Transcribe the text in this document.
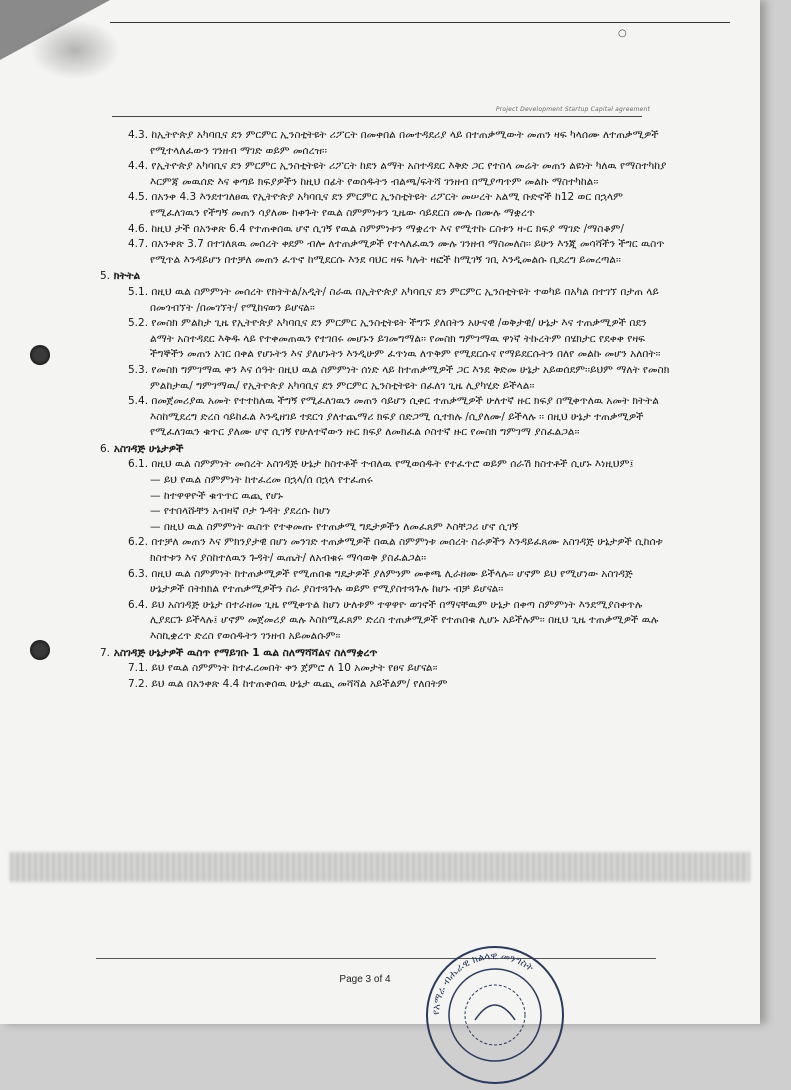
○
Project Development Startup Capital agreement

4.3. ከኢትዮጵያ አካባቢና ደን ምርምር ኢንስቲትዩት ሪፖርት በመቀበል በመተዳደሪያ ላይ በተጠቃሚውት መጠን ዛፍ ካላሰሙ ለተጠቃሚዎች የሚተላለፈውን ገንዘብ ማገድ ወይም መሰረዝ፡፡

4.4. የኢትዮጵያ አካባቢና ደን ምርምር ኢንስቲትዩት ሪፖርት ከደን ልማት አስተዳደር እቅድ ጋር የተስላ መሬት መጠን ልዩነት ካለዉ የማስተካከያ እርምጃ መዉሰድ እና ቀጣይ ክፍያዎችን ከዚህ በፊት የወሰዱትን ብልጫ/ፍትሻ ገንዘብ በሚያጣጥም መልኩ ማስተካከል፡፡

4.5. በአንቀ 4.3 እንደተገለፀዉ የኢትዮጵያ አካባቢና ደን ምርምር ኢንስቲትዩት ሪፖርት መሠረት አልሚ ቡድኖች ከ12 ወር በኋላም የሚፈለገዉን የችግኝ መጠን ሳያለሙ ከቀጉት የዉል ስምምነቱን ጊዜው ሳይደርስ ሙሉ በሙሉ ማቋረጥ

4.6. ከዚህ ታች በአንቀጽ 6.4 የተጠቀሰዉ ሆኖ ሲገኝ የዉል ስምምነቱን ማቋረጥ እና የሚተኩ ርስቱን ዛ-ር ክፍያ ማገድ /ማስቆም/

4.7. በአንቀጽ 3.7 በተገለጸዉ መሰረት ቀደም ብሎ ለተጠቃሚዎች የተላለፈዉን ሙሉ ገንዘብ ማስመለስ፡፡ ይሁን እንጂ መሳሻችን ችግር ዉስጥ የሚጥል እንዳይሆን በተቻለ መጠን ፈጥኖ ከሚደርሱ እንደ ባህር ዛፍ ካሉት ዛፎች ከሚገኝ ገቢ እንዲመልሱ ቢደረግ ይመረጣል፡፡

5. ክትትል

5.1. በዚህ ዉል ስምምነት መሰረት የክትትል/አዲት/ ስራዉ በኢትዮጵያ አካባቢና ደን ምርምር ኢንስቲትዩት ተወካይ በአካል በተገኘ በታጠ ላይ በመጎብኘት /በመገኘት/ የሚከናወን ይሆናል፡፡

5.2. የመስክ ምልከታ ጊዜ የኢትዮጵያ አካባቢና ደን ምርምር ኢንስቲትዩት ችግኙ ያለበትን አሁናዊ /ወቅታዊ/ ሁኔታ እና ተጠቃሚዎች በደን ልማት አስተዳደር እቅዱ ላይ የተቀመጠዉን የተገበሩ መሆኑን ይገመግማል፡፡ የመስክ ግምገማዉ ዋነኛ ትኩረትም በሄክታር የደቀቀ የዛፍ ችግኞችን መጠን አገር በቀል የሆኑትን እና ያለሆኑትን እንዲሁም ፈጥነዉ ለጥቅም የሚደርሱና የማይደርሱትን በለየ መልኩ መሆን አለበት፡፡

5.3. የመስክ ግምገማዉ ቀን እና ሰዓት በዚህ ዉል ስምምነት ሰነድ ላይ ከተጠቃሚዎች ጋር እንደ ቅድመ ሁኔታ አይወሰደም፡፡ይህም ማለት የመስክ ምልከታዉ/ ግምገማዉ/ የኢትዮጵያ አካባቢና ደን ምርምር ኢንስቲትዩት በፈለገ ጊዜ ሊያካሂድ ይችላል፡፡

5.4. በመጀመሪያዉ አመት የተተከለዉ ችግኝ የሚፈለገዉን መጠን ሳይሆን ሲቀር ተጠቃሚዎች ሁለተኛ ዙር ክፍያ በሚቀጥለዉ አመት ክትትል እስከሚደረግ ድረስ ሳይከፈል እንዲዘገይ ተደርጎ ያለተጨማሪ ክፍያ በድጋሚ ሲተክሉ /ሲያለሙ/ ይችላሉ ፡፡ በዚህ ሁኔታ ተጠቃሚዎች የሚፈለገዉን ቁጥር ያለሙ ሆኖ ሲገኝ የሁለተኛውን ዙር ክፍያ ለመክፈል ሶስተኛ ዙር የመስክ ግምገማ ያስፈልጋል፡፡

6. አስገዳጅ ሁኔታዎች

6.1. በዚህ ዉል ስምምነት መሰረት አስገዳጅ ሁኔታ ከስተቶች ተብለዉ የሚወሰዱት የተፈጥሮ ወይም ሰራሽ ክስተቶች ሲሆኑ እነዚህም፤

— ይህ የዉል ስምምነት ከተፈረመ በኋላ/ሰ በኋላ የተፈጠሩ

— ከተዋዋዮች ቁጥጥር ዉጪ የሆኑ

— የተበላሹቸን አብዛኛ ቦታ ጉዳት ያደረሱ ከሆነ

— በዚህ ዉል ስምምነት ዉስጥ የተቀመጡ የተጠቃሚ ግዴታዎችን ለመፈጸም እስቸጋሪ ሆኖ ሲገኝ

6.2. በተቻለ መጠን እና ምክንያታዊ በሆነ መንገድ ተጠቃሚዎች በዉል ስምምነቱ መሰረት ስራዎችን እንዳይፈጸሙ አስገዳጅ ሁኔታዎች ሲከሰቱ ክስተቱን እና ያስከተለዉን ጉዳት/ ዉጤት/ ለአብቁሩ ማሳወቅ ያስፈልጋል፡፡

6.3. በዚህ ዉል ስምምነት ከተጠቃሚዎች የሚጠበቁ ግዴታዎች ያለምንም መቀጫ ሊራዘሙ ይችላሉ፡፡ ሆኖም ይህ የሚሆነው አስገዳጅ ሁኔታዎች በትክክል የተጠቃሚዎችን ስራ ያስተጓጉሉ ወይም የሚያስተጓጉሉ ከሆኑ ብቻ ይሆናል፡፡

6.4. ይህ አስገዳጅ ሁኔታ በተራዘመ ጊዜ የሚቀጥል ከሆነ ሁለቱም ተዋዋዮ ወገኖች በማናቸዉም ሁኔታ በቀጣ ስምምነት እንደሚያስቀጥሉ ሊያደርጉ ይችላሉ፤ ሆኖም መጀመሪያ ዉሉ እስከሚፈጸም ድረስ ተጠቃሚዎች የተጠበቁ ሊሆኑ አይችሉም፡፡ በዚህ ጊዜ ተጠቃሚዎች ዉሉ እስኪቋረጥ ድረስ የወሰዱትን ገንዘብ አይመልሱም፡፡

7. አስገዳጅ ሁኔታዎች ዉስጥ የማይገቡ 1 ዉል ስለማሻሻልና ስለማቋረጥ

7.1. ይህ የዉል ስምምነት ከተፈረመበት ቀን ጀምሮ ለ 10 አመታት የፀና ይሆናል፡፡

7.2. ይህ ዉል በአንቀጽ 4.4 ከተጠቀሰዉ ሁኔታ ዉጪ መሻሻል አይችልም/ የለበትም

Page 3 of 4
የአማራ ብሔራዊ ክልላዊ መንግስት
